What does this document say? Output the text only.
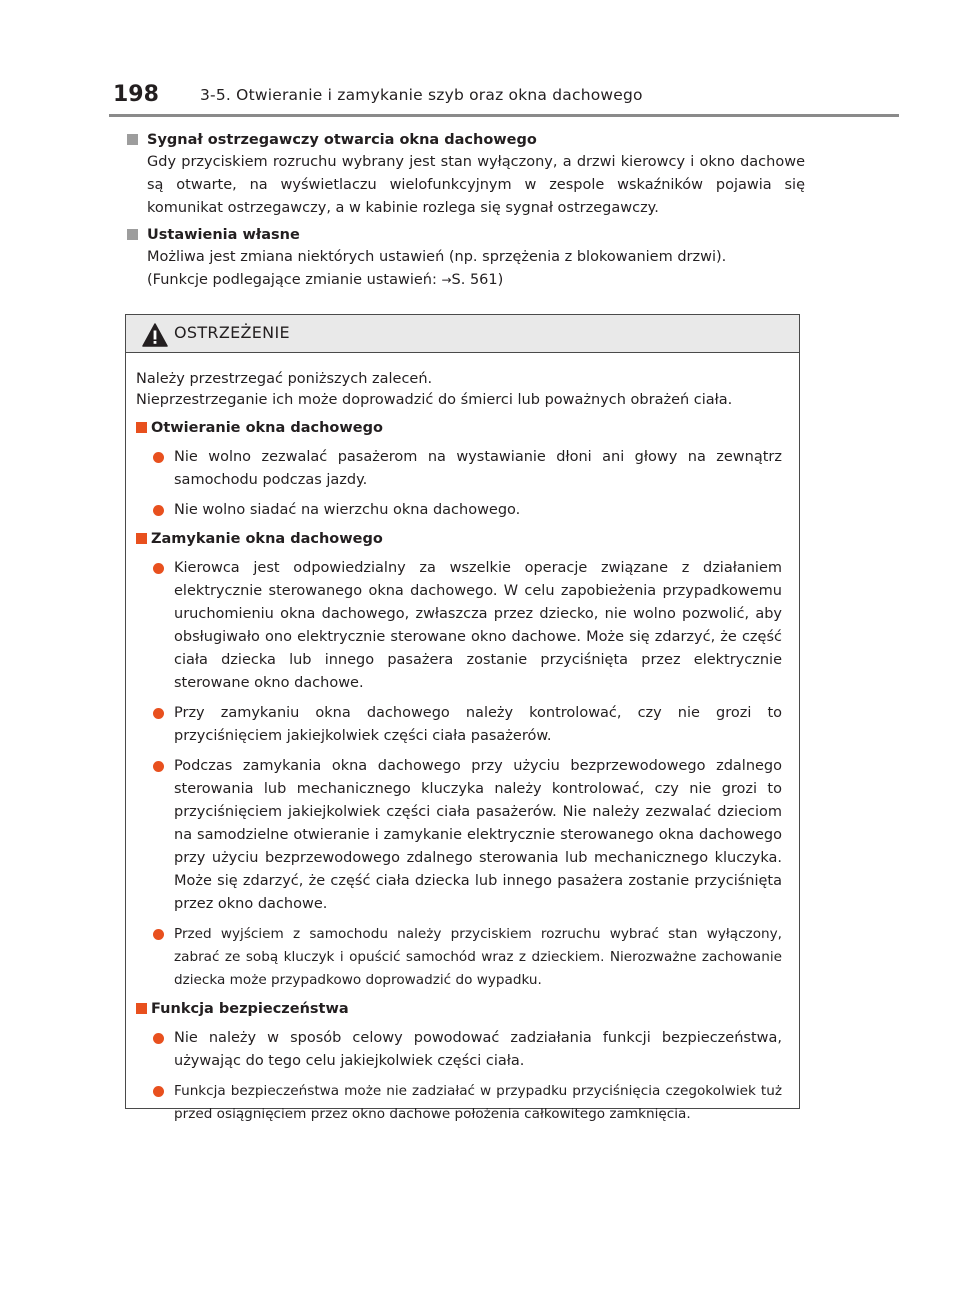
198	3-5. Otwieranie i zamykanie szyb oraz okna dachowego
Sygnał ostrzegawczy otwarcia okna dachowego
Gdy przyciskiem rozruchu wybrany jest stan wyłączony, a drzwi kierowcy i okno dachowe są otwarte, na wyświetlaczu wielofunkcyjnym w zespole wskaźników pojawia się komunikat ostrzegawczy, a w kabinie rozlega się sygnał ostrzegawczy.
Ustawienia własne
Możliwa jest zmiana niektórych ustawień (np. sprzężenia z blokowaniem drzwi).
(Funkcje podlegające zmianie ustawień: →S. 561)
OSTRZEŻENIE
Należy przestrzegać poniższych zaleceń.
Nieprzestrzeganie ich może doprowadzić do śmierci lub poważnych obrażeń ciała.
Otwieranie okna dachowego
Nie wolno zezwalać pasażerom na wystawianie dłoni ani głowy na zewnątrz samochodu podczas jazdy.
Nie wolno siadać na wierzchu okna dachowego.
Zamykanie okna dachowego
Kierowca jest odpowiedzialny za wszelkie operacje związane z działaniem elektrycznie sterowanego okna dachowego. W celu zapobieżenia przypadkowemu uruchomieniu okna dachowego, zwłaszcza przez dziecko, nie wolno pozwolić, aby obsługiwało ono elektrycznie sterowane okno dachowe. Może się zdarzyć, że część ciała dziecka lub innego pasażera zostanie przyciśnięta przez elektrycznie sterowane okno dachowe.
Przy zamykaniu okna dachowego należy kontrolować, czy nie grozi to przyciśnięciem jakiejkolwiek części ciała pasażerów.
Podczas zamykania okna dachowego przy użyciu bezprzewodowego zdalnego sterowania lub mechanicznego kluczyka należy kontrolować, czy nie grozi to przyciśnięciem jakiejkolwiek części ciała pasażerów. Nie należy zezwalać dzieciom na samodzielne otwieranie i zamykanie elektrycznie sterowanego okna dachowego przy użyciu bezprzewodowego zdalnego sterowania lub mechanicznego kluczyka. Może się zdarzyć, że część ciała dziecka lub innego pasażera zostanie przyciśnięta przez okno dachowe.
Przed wyjściem z samochodu należy przyciskiem rozruchu wybrać stan wyłączony, zabrać ze sobą kluczyk i opuścić samochód wraz z dzieckiem. Nierozważne zachowanie dziecka może przypadkowo doprowadzić do wypadku.
Funkcja bezpieczeństwa
Nie należy w sposób celowy powodować zadziałania funkcji bezpieczeństwa, używając do tego celu jakiejkolwiek części ciała.
Funkcja bezpieczeństwa może nie zadziałać w przypadku przyciśnięcia czegokolwiek tuż przed osiągnięciem przez okno dachowe położenia całkowitego zamknięcia.
